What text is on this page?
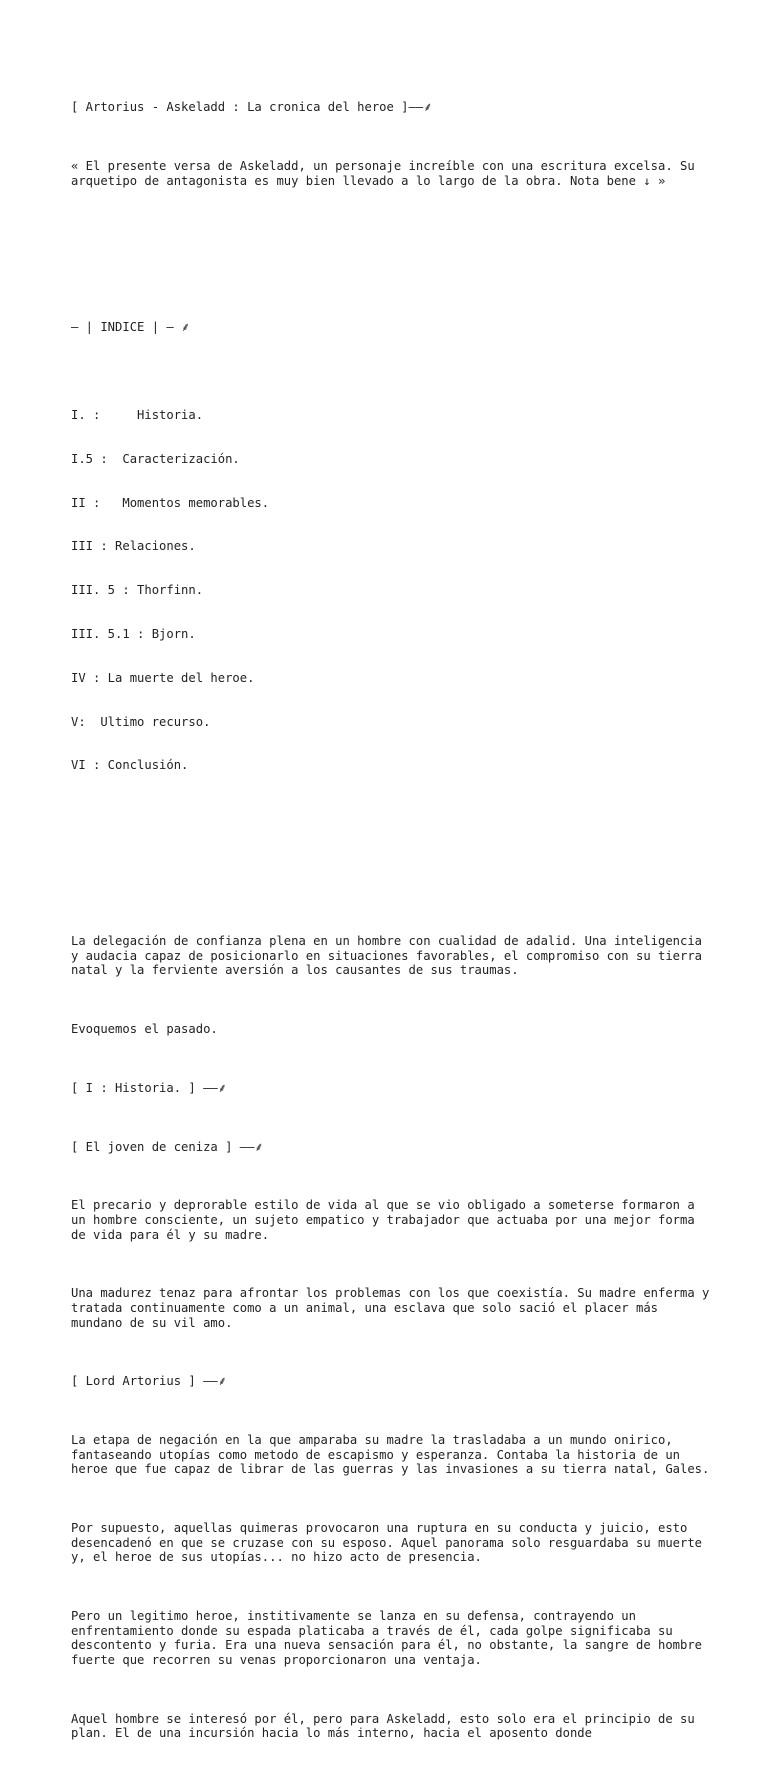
[ Artorius - Askeladd : La cronica del heroe ]——⸙

« El presente versa de Askeladd, un personaje increíble con una escritura excelsa. Su arquetipo de antagonista es muy bien llevado a lo largo de la obra. Nota bene ↓ »

— | INDICE | — ⸙

I. :     Historia.

I.5 :  Caracterización.

II :   Momentos memorables.

III : Relaciones.

III. 5 : Thorfinn.

III. 5.1 : Bjorn.

IV : La muerte del heroe.

V:  Ultimo recurso.

VI : Conclusión.

La delegación de confianza plena en un hombre con cualidad de adalid. Una inteligencia y audacia capaz de posicionarlo en situaciones favorables, el compromiso con su tierra natal y la ferviente aversión a los causantes de sus traumas.

Evoquemos el pasado.

[ I : Historia. ] ——⸙

[ El joven de ceniza ] ——⸙

El precario y deprorable estilo de vida al que se vio obligado a someterse formaron a un hombre consciente, un sujeto empatico y trabajador que actuaba por una mejor forma de vida para él y su madre.

Una madurez tenaz para afrontar los problemas con los que coexistía. Su madre enferma y tratada continuamente como a un animal, una esclava que solo sació el placer más mundano de su vil amo.

[ Lord Artorius ] ——⸙

La etapa de negación en la que amparaba su madre la trasladaba a un mundo onirico, fantaseando utopías como metodo de escapismo y esperanza. Contaba la historia de un heroe que fue capaz de librar de las guerras y las invasiones a su tierra natal, Gales.

Por supuesto, aquellas quimeras provocaron una ruptura en su conducta y juicio, esto desencadenó en que se cruzase con su esposo. Aquel panorama solo resguardaba su muerte y, el heroe de sus utopías... no hizo acto de presencia.

Pero un legitimo heroe, institivamente se lanza en su defensa, contrayendo un enfrentamiento donde su espada platicaba a través de él, cada golpe significaba su descontento y furia. Era una nueva sensación para él, no obstante, la sangre de hombre fuerte que recorren su venas proporcionaron una ventaja.

Aquel hombre se interesó por él, pero para Askeladd, esto solo era el principio de su plan. El de una incursión hacia lo más interno, hacia el aposento donde
